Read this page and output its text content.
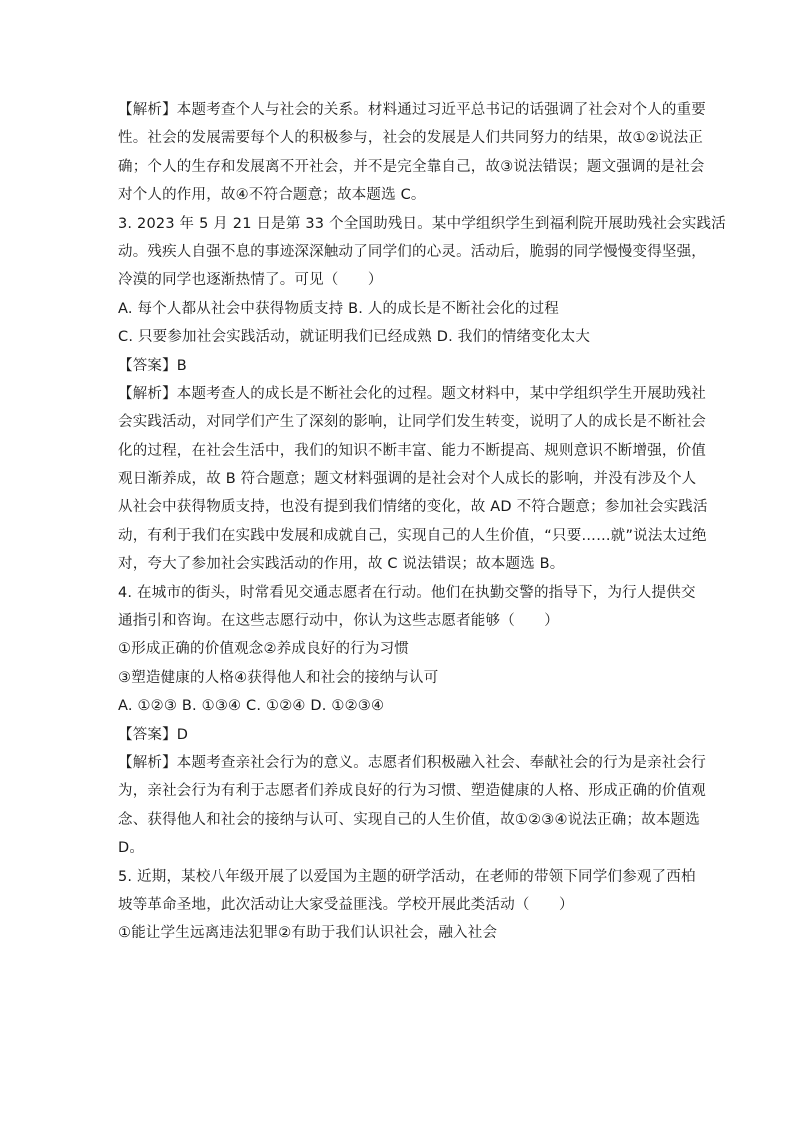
【解析】本题考查个人与社会的关系。材料通过习近平总书记的话强调了社会对个人的重要
性。社会的发展需要每个人的积极参与，社会的发展是人们共同努力的结果，故①②说法正
确；个人的生存和发展离不开社会，并不是完全靠自己，故③说法错误；题文强调的是社会
对个人的作用，故④不符合题意；故本题选 C。
3. 2023 年 5 月 21 日是第 33 个全国助残日。某中学组织学生到福利院开展助残社会实践活
动。残疾人自强不息的事迹深深触动了同学们的心灵。活动后，脆弱的同学慢慢变得坚强，
冷漠的同学也逐渐热情了。可见（　　）
A. 每个人都从社会中获得物质支持 B. 人的成长是不断社会化的过程
C. 只要参加社会实践活动，就证明我们已经成熟 D. 我们的情绪变化太大
【答案】B
【解析】本题考查人的成长是不断社会化的过程。题文材料中，某中学组织学生开展助残社
会实践活动，对同学们产生了深刻的影响，让同学们发生转变，说明了人的成长是不断社会
化的过程，在社会生活中，我们的知识不断丰富、能力不断提高、规则意识不断增强，价值
观日渐养成，故 B 符合题意；题文材料强调的是社会对个人成长的影响，并没有涉及个人
从社会中获得物质支持，也没有提到我们情绪的变化，故 AD 不符合题意；参加社会实践活
动，有利于我们在实践中发展和成就自己，实现自己的人生价值，“只要……就”说法太过绝
对，夸大了参加社会实践活动的作用，故 C 说法错误；故本题选 B。
4. 在城市的街头，时常看见交通志愿者在行动。他们在执勤交警的指导下，为行人提供交
通指引和咨询。在这些志愿行动中，你认为这些志愿者能够（　　）
①形成正确的价值观念②养成良好的行为习惯
③塑造健康的人格④获得他人和社会的接纳与认可
A. ①②③ B. ①③④ C. ①②④ D. ①②③④
【答案】D
【解析】本题考查亲社会行为的意义。志愿者们积极融入社会、奉献社会的行为是亲社会行
为，亲社会行为有利于志愿者们养成良好的行为习惯、塑造健康的人格、形成正确的价值观
念、获得他人和社会的接纳与认可、实现自己的人生价值，故①②③④说法正确；故本题选
D。
5. 近期，某校八年级开展了以爱国为主题的研学活动，在老师的带领下同学们参观了西柏
坡等革命圣地，此次活动让大家受益匪浅。学校开展此类活动（　　）
①能让学生远离违法犯罪②有助于我们认识社会，融入社会
